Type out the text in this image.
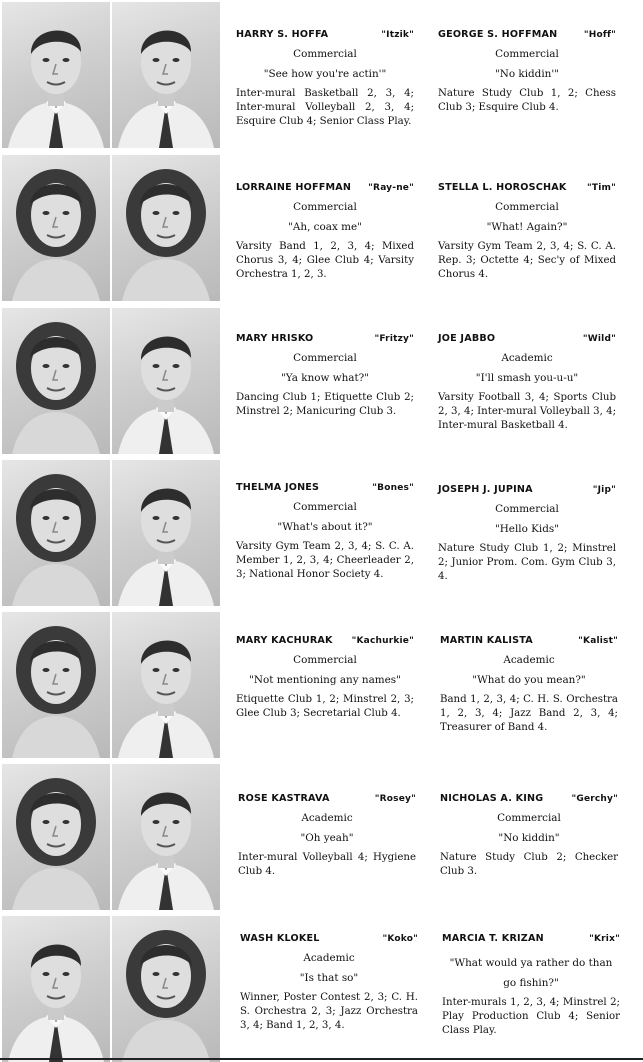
HARRY S. HOFFA	"Itzik"
Commercial
"See how you're actin'"
Inter-mural Basketball 2, 3, 4; Inter-mural Volleyball 2, 3, 4; Esquire Club 4; Senior Class Play.
GEORGE S. HOFFMAN	"Hoff"
Commercial
"No kiddin'"
Nature Study Club 1, 2; Chess Club 3; Esquire Club 4.
LORRAINE HOFFMAN "Ray-ne"
Commercial
"Ah, coax me"
Varsity Band 1, 2, 3, 4; Mixed Chorus 3, 4; Glee Club 4; Varsity Orchestra 1, 2, 3.
STELLA L. HOROSCHAK "Tim"
Commercial
"What! Again?"
Varsity Gym Team 2, 3, 4; S. C. A. Rep. 3; Octette 4; Sec'y of Mixed Chorus 4.
MARY HRISKO	"Fritzy"
Commercial
"Ya know what?"
Dancing Club 1; Etiquette Club 2; Minstrel 2; Manicuring Club 3.
JOE JABBO	"Wild"
Academic
"I'll smash you-u-u"
Varsity Football 3, 4; Sports Club 2, 3, 4; Inter-mural Volleyball 3, 4; Inter-mural Basketball 4.
THELMA JONES	"Bones"
Commercial
"What's about it?"
Varsity Gym Team 2, 3, 4; S. C. A. Member 1, 2, 3, 4; Cheerleader 2, 3; National Honor Society 4.
JOSEPH J. JUPINA	"Jip"
Commercial
"Hello Kids"
Nature Study Club 1, 2; Minstrel 2; Junior Prom. Com. Gym Club 3, 4.
MARY KACHURAK "Kachurkie"
Commercial
"Not mentioning any names"
Etiquette Club 1, 2; Minstrel 2, 3; Glee Club 3; Secretarial Club 4.
MARTIN KALISTA	"Kalist"
Academic
"What do you mean?"
Band 1, 2, 3, 4; C. H. S. Orchestra 1, 2, 3, 4; Jazz Band 2, 3, 4; Treasurer of Band 4.
ROSE KASTRAVA	"Rosey"
Academic
"Oh yeah"
Inter-mural Volleyball 4; Hygiene Club 4.
NICHOLAS A. KING	"Gerchy"
Commercial
"No kiddin"
Nature Study Club 2; Checker Club 3.
WASH KLOKEL	"Koko"
Academic
"Is that so"
Winner, Poster Contest 2, 3; C. H. S. Orchestra 2, 3; Jazz Orchestra 3, 4; Band 1, 2, 3, 4.
MARCIA T. KRIZAN	"Krix"
"What would ya rather do than go fishin?"
Inter-murals 1, 2, 3, 4; Minstrel 2; Play Production Club 4; Senior Class Play.
